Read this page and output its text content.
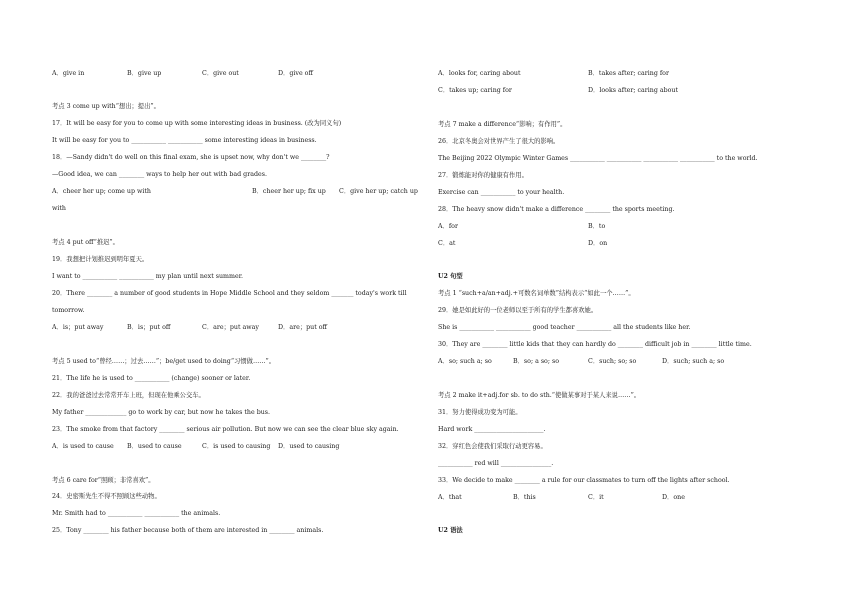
A．give in	B．give up	C．give out	D．give off
考点 3 come up with“想出；提出”。
17．It will be easy for you to come up with some interesting ideas in business. (改为同义句)
It will be easy for you to ___________ ___________ some interesting ideas in business.
18．—Sandy didn't do well on this final exam, she is upset now, why don't we ________?
—Good idea, we can ________ ways to help her out with bad grades.
A．cheer her up; come up with	B．cheer her up; fix up C．give her up; catch up
with
考点 4 put off“推迟”。
19．我想把计划推迟到明年夏天。
I want to ___________ ___________ my plan until next summer.
20．There ________ a number of good students in Hope Middle School and they seldom _______ today's work till
tomorrow.
A．is；put away	B．is；put off	C．are；put away	D．are；put off
考点 5 used to“曾经……；过去……”；be/get used to doing“习惯做……”。
21．The life he is used to ___________ (change) sooner or later.
22．我的爸爸过去常常开车上班，但现在他乘公交车。
My father _____________ go to work by car, but now he takes the bus.
23．The smoke from that factory ________ serious air pollution. But now we can see the clear blue sky again.
A．is used to cause B．used to cause	C．is used to causing D．used to causing
考点 6 care for“照顾；非常喜欢”。
24．史密斯先生不得不照顾这些动物。
Mr. Smith had to ___________ ___________ the animals.
25．Tony ________ his father because both of them are interested in ________ animals.
A．looks for, caring about	B．takes after; caring for
C．takes up; caring for	D．looks after; caring about
考点 7 make a difference“影响；有作用”。
26．北京冬奥会对世界产生了很大的影响。
The Beijing 2022 Olympic Winter Games ___________ ___________ ___________ ___________ to the world.
27．锻炼能对你的健康有作用。
Exercise can ___________ to your health.
28．The heavy snow didn't make a difference ________ the sports meeting.
A．for	B．to
C．at	D．on
U2 句型
考点 1 “such+a/an+adj.+可数名词单数”结构表示“如此一个……”。
29．她是如此好的一位老师以至于所有的学生都喜欢她。
She is ___________ ___________ good teacher ___________ all the students like her.
30．They are ________ little kids that they can hardly do ________ difficult job in ________ little time.
A．so; such a; so	B．so; a so; so	C．such; so; so	D．such; such a; so
考点 2 make it+adj.for sb. to do sth.“使做某事对于某人来说……”。
31．努力使得成功变为可能。
Hard work ______________________.
32．穿红色会使我们采取行动更容易。
___________ red will ________________.
33．We decide to make ________ a rule for our classmates to turn off the lights after school.
A．that	B．this	C．it	D．one
U2 语法
